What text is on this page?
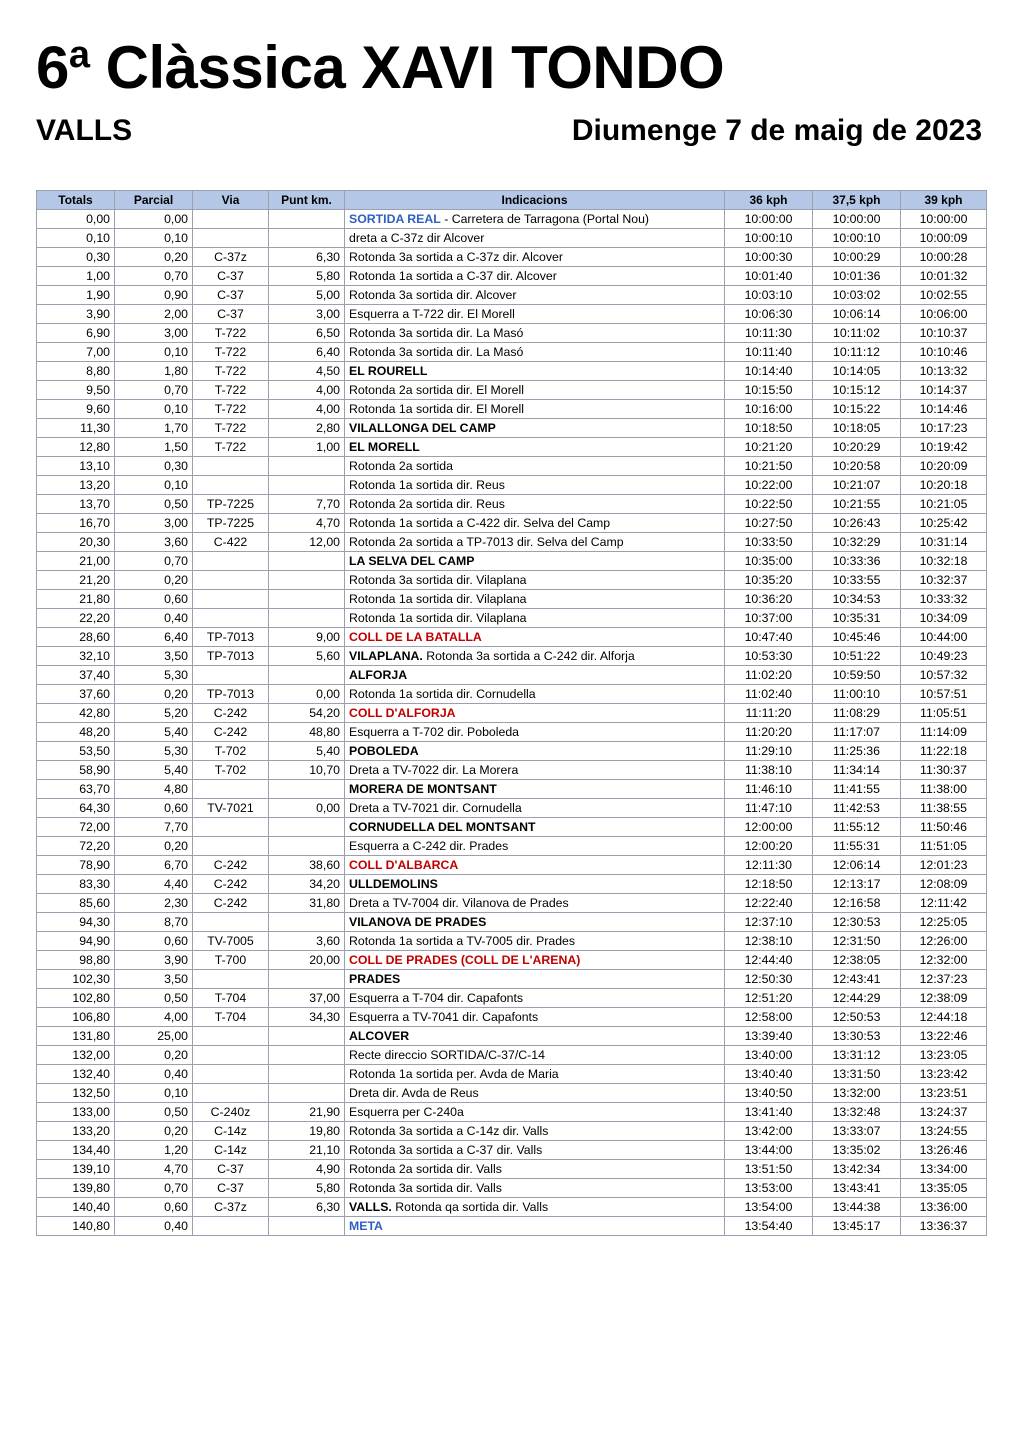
6$^a$ Clàssica XAVI TONDO
VALLS	Diumenge 7 de maig de 2023
Totals	Parcial	Via	Punt km.	Indicacions	36 kph	37,5 kph	39 kph
0,00	0,00			SORTIDA REAL - Carretera de Tarragona (Portal Nou)	10:00:00	10:00:00	10:00:00
0,10	0,10			dreta a C-37z dir Alcover	10:00:10	10:00:10	10:00:09
0,30	0,20	C-37z	6,30	Rotonda 3a sortida a C-37z dir. Alcover	10:00:30	10:00:29	10:00:28
1,00	0,70	C-37	5,80	Rotonda 1a sortida a C-37 dir. Alcover	10:01:40	10:01:36	10:01:32
1,90	0,90	C-37	5,00	Rotonda 3a sortida dir. Alcover	10:03:10	10:03:02	10:02:55
3,90	2,00	C-37	3,00	Esquerra a T-722 dir. El Morell	10:06:30	10:06:14	10:06:00
6,90	3,00	T-722	6,50	Rotonda 3a sortida dir. La Masó	10:11:30	10:11:02	10:10:37
7,00	0,10	T-722	6,40	Rotonda 3a sortida dir. La Masó	10:11:40	10:11:12	10:10:46
8,80	1,80	T-722	4,50	EL ROURELL	10:14:40	10:14:05	10:13:32
9,50	0,70	T-722	4,00	Rotonda 2a sortida dir. El Morell	10:15:50	10:15:12	10:14:37
9,60	0,10	T-722	4,00	Rotonda 1a sortida dir. El Morell	10:16:00	10:15:22	10:14:46
11,30	1,70	T-722	2,80	VILALLONGA DEL CAMP	10:18:50	10:18:05	10:17:23
12,80	1,50	T-722	1,00	EL MORELL	10:21:20	10:20:29	10:19:42
13,10	0,30			Rotonda 2a sortida	10:21:50	10:20:58	10:20:09
13,20	0,10			Rotonda 1a sortida dir. Reus	10:22:00	10:21:07	10:20:18
13,70	0,50	TP-7225	7,70	Rotonda 2a sortida dir. Reus	10:22:50	10:21:55	10:21:05
16,70	3,00	TP-7225	4,70	Rotonda 1a sortida a C-422 dir. Selva del Camp	10:27:50	10:26:43	10:25:42
20,30	3,60	C-422	12,00	Rotonda 2a sortida a TP-7013 dir. Selva del Camp	10:33:50	10:32:29	10:31:14
21,00	0,70			LA SELVA DEL CAMP	10:35:00	10:33:36	10:32:18
21,20	0,20			Rotonda 3a sortida dir. Vilaplana	10:35:20	10:33:55	10:32:37
21,80	0,60			Rotonda 1a sortida dir. Vilaplana	10:36:20	10:34:53	10:33:32
22,20	0,40			Rotonda 1a sortida dir. Vilaplana	10:37:00	10:35:31	10:34:09
28,60	6,40	TP-7013	9,00	COLL DE LA BATALLA	10:47:40	10:45:46	10:44:00
32,10	3,50	TP-7013	5,60	VILAPLANA. Rotonda 3a sortida a C-242 dir. Alforja	10:53:30	10:51:22	10:49:23
37,40	5,30			ALFORJA	11:02:20	10:59:50	10:57:32
37,60	0,20	TP-7013	0,00	Rotonda 1a sortida dir. Cornudella	11:02:40	11:00:10	10:57:51
42,80	5,20	C-242	54,20	COLL D'ALFORJA	11:11:20	11:08:29	11:05:51
48,20	5,40	C-242	48,80	Esquerra a T-702 dir. Poboleda	11:20:20	11:17:07	11:14:09
53,50	5,30	T-702	5,40	POBOLEDA	11:29:10	11:25:36	11:22:18
58,90	5,40	T-702	10,70	Dreta a TV-7022 dir. La Morera	11:38:10	11:34:14	11:30:37
63,70	4,80			MORERA DE MONTSANT	11:46:10	11:41:55	11:38:00
64,30	0,60	TV-7021	0,00	Dreta a TV-7021 dir. Cornudella	11:47:10	11:42:53	11:38:55
72,00	7,70			CORNUDELLA DEL MONTSANT	12:00:00	11:55:12	11:50:46
72,20	0,20			Esquerra a C-242 dir. Prades	12:00:20	11:55:31	11:51:05
78,90	6,70	C-242	38,60	COLL D'ALBARCA	12:11:30	12:06:14	12:01:23
83,30	4,40	C-242	34,20	ULLDEMOLINS	12:18:50	12:13:17	12:08:09
85,60	2,30	C-242	31,80	Dreta a TV-7004 dir. Vilanova de Prades	12:22:40	12:16:58	12:11:42
94,30	8,70			VILANOVA DE PRADES	12:37:10	12:30:53	12:25:05
94,90	0,60	TV-7005	3,60	Rotonda 1a sortida a TV-7005 dir. Prades	12:38:10	12:31:50	12:26:00
98,80	3,90	T-700	20,00	COLL DE PRADES (COLL DE L'ARENA)	12:44:40	12:38:05	12:32:00
102,30	3,50			PRADES	12:50:30	12:43:41	12:37:23
102,80	0,50	T-704	37,00	Esquerra a T-704 dir. Capafonts	12:51:20	12:44:29	12:38:09
106,80	4,00	T-704	34,30	Esquerra a TV-7041 dir. Capafonts	12:58:00	12:50:53	12:44:18
131,80	25,00			ALCOVER	13:39:40	13:30:53	13:22:46
132,00	0,20			Recte direccio SORTIDA/C-37/C-14	13:40:00	13:31:12	13:23:05
132,40	0,40			Rotonda 1a sortida per. Avda de Maria	13:40:40	13:31:50	13:23:42
132,50	0,10			Dreta dir. Avda de Reus	13:40:50	13:32:00	13:23:51
133,00	0,50	C-240z	21,90	Esquerra per C-240a	13:41:40	13:32:48	13:24:37
133,20	0,20	C-14z	19,80	Rotonda 3a sortida a C-14z dir. Valls	13:42:00	13:33:07	13:24:55
134,40	1,20	C-14z	21,10	Rotonda 3a sortida a C-37 dir. Valls	13:44:00	13:35:02	13:26:46
139,10	4,70	C-37	4,90	Rotonda 2a sortida dir. Valls	13:51:50	13:42:34	13:34:00
139,80	0,70	C-37	5,80	Rotonda 3a sortida dir. Valls	13:53:00	13:43:41	13:35:05
140,40	0,60	C-37z	6,30	VALLS. Rotonda qa sortida dir. Valls	13:54:00	13:44:38	13:36:00
140,80	0,40			META	13:54:40	13:45:17	13:36:37
